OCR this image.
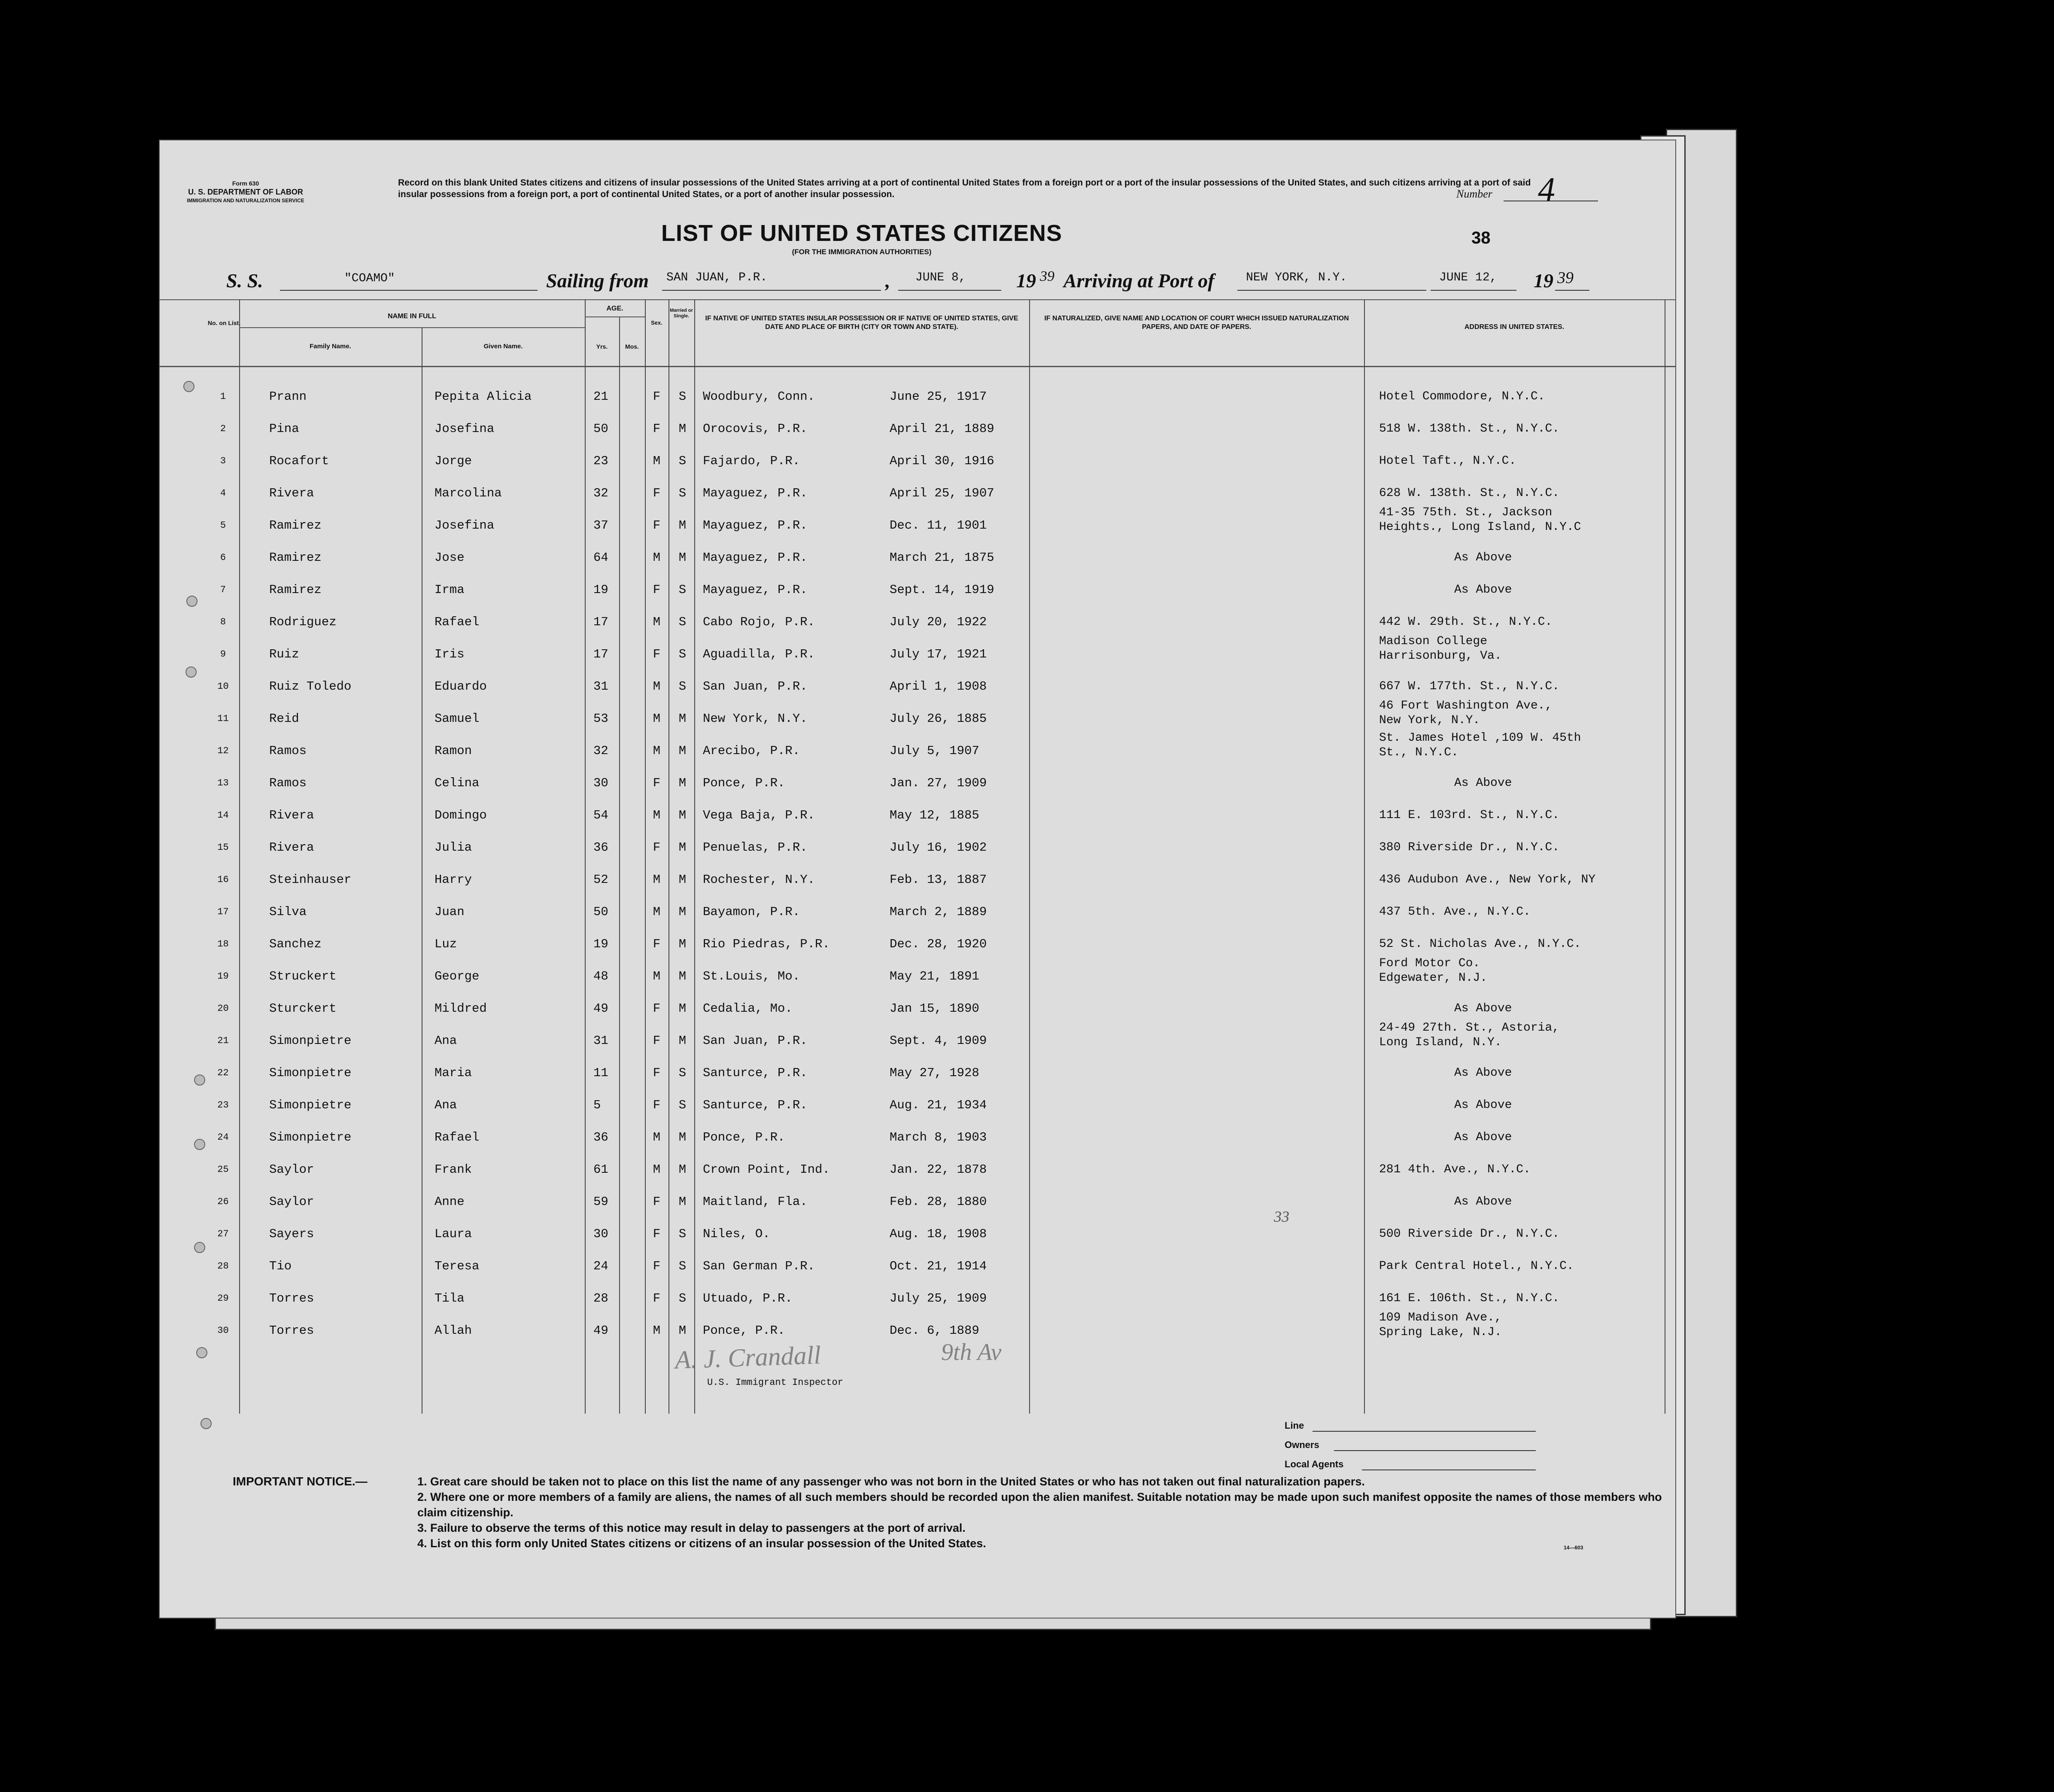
Form 630
U. S. DEPARTMENT OF LABOR
IMMIGRATION AND NATURALIZATION SERVICE
Record on this blank United States citizens and citizens of insular possessions of the United States arriving at a port of continental United States from a foreign port or a port of the insular possessions of the United States, and such citizens arriving at a port of said insular possessions from a foreign port, a port of continental United States, or a port of another insular possession.	Number 4
LIST OF UNITED STATES CITIZENS
(FOR THE IMMIGRATION AUTHORITIES)
38
S. S.	"COAMO"	Sailing from SAN JUAN, P.R.	, JUNE 8,	19 39 Arriving at Port of	NEW YORK, N.Y.	JUNE 12, 19 39
No. on List.
NAME IN FULL
Family Name.	Given Name.
AGE.
Yrs.	Mos.
Sex.
Married or Single.	IF NATIVE OF UNITED STATES INSULAR POSSESSION OR IF NATIVE OF UNITED STATES, GIVE DATE AND PLACE OF BIRTH (CITY OR TOWN AND STATE).
IF NATURALIZED, GIVE NAME AND LOCATION OF COURT WHICH ISSUED NATURALIZATION PAPERS, AND DATE OF PAPERS.	ADDRESS IN UNITED STATES.
1	Prann	Pepita Alicia	21	F	S	Woodbury, Conn.	June 25, 1917	Hotel Commodore, N.Y.C.
2	Pina	Josefina	50	F	M	Orocovis, P.R.	April 21, 1889	518 W. 138th. St., N.Y.C.
3	Rocafort	Jorge	23	M	S	Fajardo, P.R.	April 30, 1916	Hotel Taft., N.Y.C.
4	Rivera	Marcolina	32	F	S	Mayaguez, P.R.	April 25, 1907	628 W. 138th. St., N.Y.C.
5	Ramirez	Josefina	37	F	M	Mayaguez, P.R.	Dec. 11, 1901
41-35 75th. St., Jackson
Heights., Long Island, N.Y.C
6	Ramirez	Jose	64	M	M	Mayaguez, P.R.	March 21, 1875	As Above
7	Ramirez	Irma	19	F	S	Mayaguez, P.R.	Sept. 14, 1919	As Above
8	Rodriguez	Rafael	17	M	S	Cabo Rojo, P.R.	July 20, 1922	442 W. 29th. St., N.Y.C.
9	Ruiz	Iris	17	F	S	Aguadilla, P.R.	July 17, 1921
Madison College
Harrisonburg, Va.
10	Ruiz Toledo	Eduardo	31	M	S	San Juan, P.R.	April 1, 1908	667 W. 177th. St., N.Y.C.
11	Reid	Samuel	53	M	M	New York, N.Y.	July 26, 1885
46 Fort Washington Ave.,
New York, N.Y.
12	Ramos	Ramon	32	M	M	Arecibo, P.R.	July 5, 1907
St. James Hotel ,109 W. 45th
St., N.Y.C.
13	Ramos	Celina	30	F	M	Ponce, P.R.	Jan. 27, 1909	As Above
14	Rivera	Domingo	54	M	M	Vega Baja, P.R.	May 12, 1885	111 E. 103rd. St., N.Y.C.
15	Rivera	Julia	36	F	M	Penuelas, P.R.	July 16, 1902	380 Riverside Dr., N.Y.C.
16	Steinhauser	Harry	52	M	M	Rochester, N.Y.	Feb. 13, 1887	436 Audubon Ave., New York, NY
17	Silva	Juan	50	M	M	Bayamon, P.R.	March 2, 1889	437 5th. Ave., N.Y.C.
18	Sanchez	Luz	19	F	M	Rio Piedras, P.R.	Dec. 28, 1920	52 St. Nicholas Ave., N.Y.C.
19	Struckert	George	48	M	M	St.Louis, Mo.	May 21, 1891
Ford Motor Co.
Edgewater, N.J.
20	Sturckert	Mildred	49	F	M	Cedalia, Mo.	Jan 15, 1890	As Above
21	Simonpietre	Ana	31	F	M	San Juan, P.R.	Sept. 4, 1909
24-49 27th. St., Astoria,
Long Island, N.Y.
22	Simonpietre	Maria	11	F	S	Santurce, P.R.	May 27, 1928	As Above
23	Simonpietre	Ana	5	F	S	Santurce, P.R.	Aug. 21, 1934	As Above
24	Simonpietre	Rafael	36	M	M	Ponce, P.R.	March 8, 1903	As Above
25	Saylor	Frank	61	M	M	Crown Point, Ind.	Jan. 22, 1878	281 4th. Ave., N.Y.C.
26	Saylor	Anne	59	F	M	Maitland, Fla.	Feb. 28, 1880	As Above
27	Sayers	Laura	30	F	S	Niles, O.	Aug. 18, 1908	500 Riverside Dr., N.Y.C.
28	Tio	Teresa	24	F	S	San German P.R.	Oct. 21, 1914	Park Central Hotel., N.Y.C.
29	Torres	Tila	28	F	S	Utuado, P.R.	July 25, 1909	161 E. 106th. St., N.Y.C.
30	Torres	Allah	49	M	M	Ponce, P.R.	Dec. 6, 1889
109 Madison Ave.,
Spring Lake, N.J.
33
A. J. Crandall	9th Av
U.S. Immigrant Inspector
Line
Owners
Local Agents
IMPORTANT NOTICE.—	1. Great care should be taken not to place on this list the name of any passenger who was not born in the United States or who has not taken out final naturalization papers.
2. Where one or more members of a family are aliens, the names of all such members should be recorded upon the alien manifest. Suitable notation may be made upon such manifest opposite the names of those members who claim citizenship.
3. Failure to observe the terms of this notice may result in delay to passengers at the port of arrival.
4. List on this form only United States citizens or citizens of an insular possession of the United States.	14—603
